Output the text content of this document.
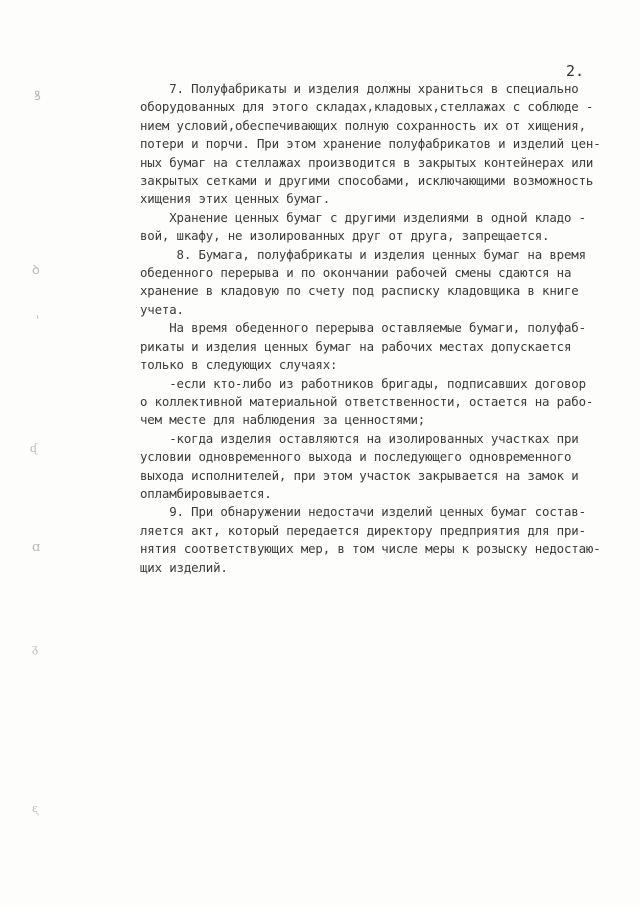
2.
ꝸ
ꝺ
ᶥ
ᶑ
ɑ
ᵹ
ᶓ
7. Полуфабрикаты и изделия должны храниться в специально
оборудованных для этого складах,кладовых,стеллажах с соблюде -
нием условий,обеспечивающих полную сохранность их от хищения,
потери и порчи. При этом хранение полуфабрикатов и изделий цен-
ных бумаг на стеллажах производится в закрытых контейнерах или
закрытых сетками и другими способами, исключающими возможность
хищения этих ценных бумаг.
Хранение ценных бумаг с другими изделиями в одной кладо -
вой, шкафу, не изолированных друг от друга, запрещается.
8. Бумага, полуфабрикаты и изделия ценных бумаг на время
обеденного перерыва и по окончании рабочей смены сдаются на
хранение в кладовую по счету под расписку кладовщика в книге
учета.
На время обеденного перерыва оставляемые бумаги, полуфаб-
рикаты и изделия ценных бумаг на рабочих местах допускается
только в следующих случаях:
-если кто-либо из работников бригады, подписавших договор
о коллективной материальной ответственности, остается на рабо-
чем месте для наблюдения за ценностями;
-когда изделия оставляются на изолированных участках при
условии одновременного выхода и последующего одновременного
выхода исполнителей, при этом участок закрывается на замок и
опламбировывается.
9. При обнаружении недостачи изделий ценных бумаг состав-
ляется акт, который передается директору предприятия для при-
нятия соответствующих мер, в том числе меры к розыску недостаю-
щих изделий.
